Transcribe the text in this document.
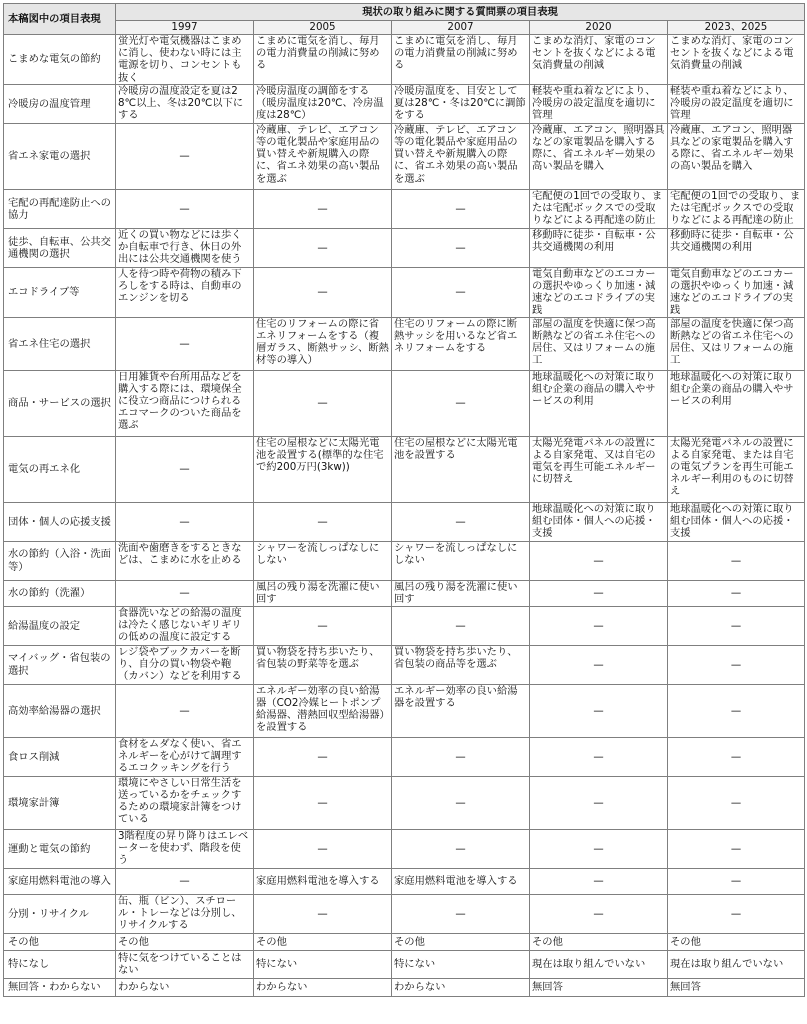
本稿図中の項目表現	現状の取り組みに関する質問票の項目表現				
	1997	2005	2007	2020	2023、2025
こまめな電気の節約	蛍光灯や電気機器はこまめに消し、使わない時には主電源を切り、コンセントも抜く	こまめに電気を消し、毎月の電力消費量の削減に努める	こまめに電気を消し、毎月の電力消費量の削減に努める	こまめな消灯、家電のコンセントを抜くなどによる電気消費量の削減	こまめな消灯、家電のコンセントを抜くなどによる電気消費量の削減
冷暖房の温度管理	冷暖房の温度設定を夏は28℃以上、冬は20℃以下にする	冷暖房温度の調節をする（暖房温度は20℃、冷房温度は28℃）	冷暖房温度を、目安として夏は28℃・冬は20℃に調節をする	軽装や重ね着などにより、冷暖房の設定温度を適切に管理	軽装や重ね着などにより、冷暖房の設定温度を適切に管理
省エネ家電の選択	—	冷蔵庫、テレビ、エアコン等の電化製品や家庭用品の買い替えや新規購入の際に、省エネ効果の高い製品を選ぶ	冷蔵庫、テレビ、エアコン等の電化製品や家庭用品の買い替えや新規購入の際に、省エネ効果の高い製品を選ぶ	冷蔵庫、エアコン、照明器具などの家電製品を購入する際に、省エネルギー効果の高い製品を購入	冷蔵庫、エアコン、照明器具などの家電製品を購入する際に、省エネルギー効果の高い製品を購入
宅配の再配達防止への協力	—	—	—	宅配便の1回での受取り、または宅配ボックスでの受取りなどによる再配達の防止	宅配便の1回での受取り、または宅配ボックスでの受取りなどによる再配達の防止
徒歩、自転車、公共交通機関の選択	近くの買い物などには歩くか自転車で行き、休日の外出には公共交通機関を使う	—	—	移動時に徒歩・自転車・公共交通機関の利用	移動時に徒歩・自転車・公共交通機関の利用
エコドライブ等	人を待つ時や荷物の積み下ろしをする時は、自動車のエンジンを切る	—	—	電気自動車などのエコカーの選択やゆっくり加速・減速などのエコドライブの実践	電気自動車などのエコカーの選択やゆっくり加速・減速などのエコドライブの実践
省エネ住宅の選択	—	住宅のリフォームの際に省エネリフォームをする（複層ガラス、断熱サッシ、断熱材等の導入）	住宅のリフォームの際に断熱サッシを用いるなど省エネリフォームをする	部屋の温度を快適に保つ高断熱などの省エネ住宅への居住、又はリフォームの施工	部屋の温度を快適に保つ高断熱などの省エネ住宅への居住、又はリフォームの施工
商品・サービスの選択	日用雑貨や台所用品などを購入する際には、環境保全に役立つ商品につけられるエコマークのついた商品を選ぶ	—	—	地球温暖化への対策に取り組む企業の商品の購入やサービスの利用	地球温暖化への対策に取り組む企業の商品の購入やサービスの利用
電気の再エネ化	—	住宅の屋根などに太陽光電池を設置する(標準的な住宅で約200万円(3kw))	住宅の屋根などに太陽光電池を設置する	太陽光発電パネルの設置による自家発電、又は自宅の電気を再生可能エネルギーに切替え	太陽光発電パネルの設置による自家発電、または自宅の電気プランを再生可能エネルギー利用のものに切替え
団体・個人の応援支援	—	—	—	地球温暖化への対策に取り組む団体・個人への応援・支援	地球温暖化への対策に取り組む団体・個人への応援・支援
水の節約（入浴・洗面等）	洗面や歯磨きをするときなどは、こまめに水を止める	シャワーを流しっぱなしにしない	シャワーを流しっぱなしにしない	—	—
水の節約（洗濯）	—	風呂の残り湯を洗濯に使い回す	風呂の残り湯を洗濯に使い回す	—	—
給湯温度の設定	食器洗いなどの給湯の温度は冷たく感じないギリギリの低めの温度に設定する	—	—	—	—
マイバッグ・省包装の選択	レジ袋やブックカバーを断り、自分の買い物袋や鞄（カバン）などを利用する	買い物袋を持ち歩いたり、省包装の野菜等を選ぶ	買い物袋を持ち歩いたり、省包装の商品等を選ぶ	—	—
高効率給湯器の選択	—	エネルギー効率の良い給湯器（CO2冷媒ヒートポンプ給湯器、潜熱回収型給湯器）を設置する	エネルギー効率の良い給湯器を設置する	—	—
食ロス削減	食材をムダなく使い、省エネルギーを心がけて調理するエコクッキングを行う	—	—	—	—
環境家計簿	環境にやさしい日常生活を送っているかをチェックするための環境家計簿をつけている	—	—	—	—
運動と電気の節約	3階程度の昇り降りはエレベーターを使わず、階段を使う	—	—	—	—
家庭用燃料電池の導入	—	家庭用燃料電池を導入する	家庭用燃料電池を導入する	—	—
分別・リサイクル	缶、瓶（ビン）、スチロール・トレーなどは分別し、リサイクルする	—	—	—	—
その他	その他	その他	その他	その他	その他
特になし	特に気をつけていることはない	特にない	特にない	現在は取り組んでいない	現在は取り組んでいない
無回答・わからない	わからない	わからない	わからない	無回答	無回答
